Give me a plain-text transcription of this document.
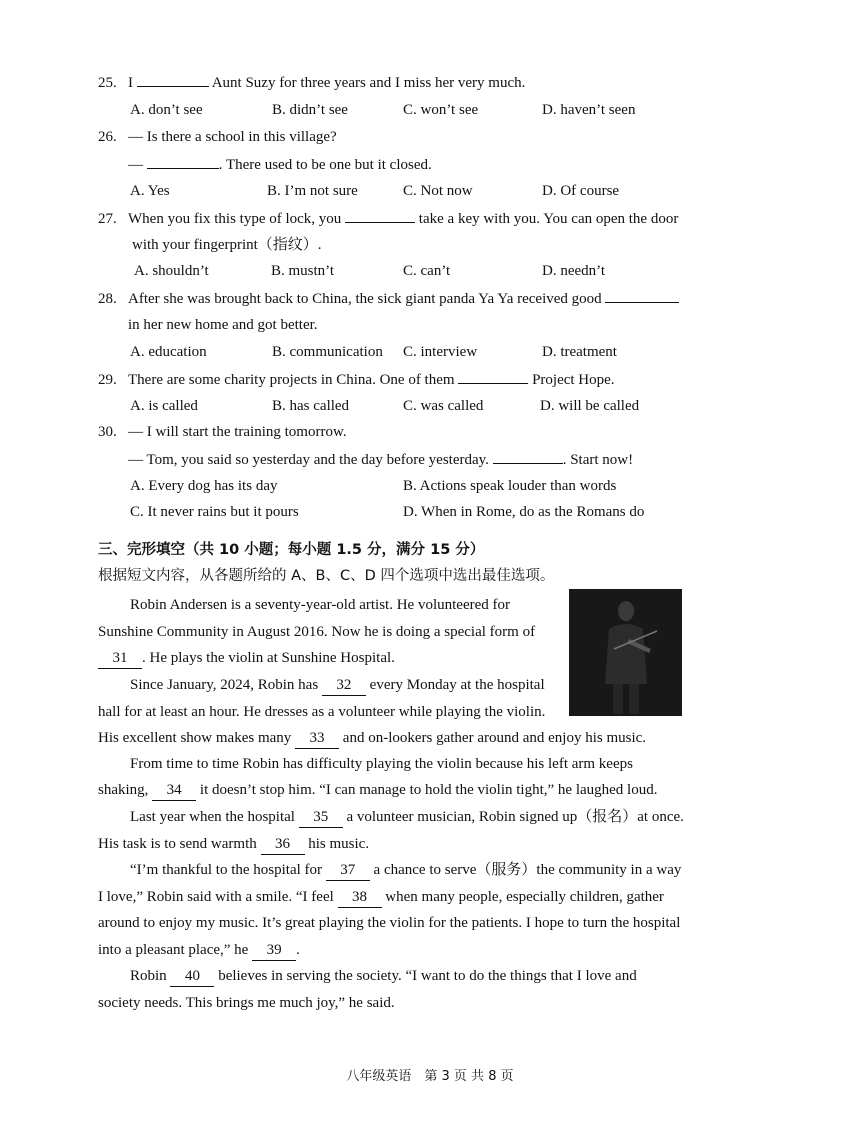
25. I	Aunt Suzy for three years and I miss her very much.
A. don’t see	B. didn’t see	C. won’t see	D. haven’t seen
26. — Is there a school in this village?
—	. There used to be one but it closed.
A. Yes	B. I’m not sure	C. Not now	D. Of course
27. When you fix this type of lock, you	take a key with you. You can open the door
with your fingerprint（指纹）.
A. shouldn’t	B. mustn’t	C. can’t	D. needn’t
28. After she was brought back to China, the sick giant panda Ya Ya received good
in her new home and got better.
A. education	B. communication C. interview	D. treatment
29. There are some charity projects in China. One of them	Project Hope.
A. is called	B. has called	C. was called	D. will be called
30. — I will start the training tomorrow.
— Tom, you said so yesterday and the day before yesterday.	. Start now!
A. Every dog has its day	B. Actions speak louder than words
C. It never rains but it pours	D. When in Rome, do as the Romans do
三、完形填空（共 10 小题；每小题 1.5 分，满分 15 分）
根据短文内容，从各题所给的 A、B、C、D 四个选项中选出最佳选项。
Robin Andersen is a seventy-year-old artist. He volunteered for
Sunshine Community in August 2016. Now he is doing a special form of
31 . He plays the violin at Sunshine Hospital.
Since January, 2024, Robin has 32 every Monday at the hospital
hall for at least an hour. He dresses as a volunteer while playing the violin.
His excellent show makes many 33 and on-lookers gather around and enjoy his music.
From time to time Robin has difficulty playing the violin because his left arm keeps
shaking, 34 it doesn’t stop him. “I can manage to hold the violin tight,” he laughed loud.
Last year when the hospital 35 a volunteer musician, Robin signed up（报名）at once.
His task is to send warmth 36 his music.
“I’m thankful to the hospital for 37 a chance to serve（服务）the community in a way
I love,” Robin said with a smile. “I feel 38 when many people, especially children, gather
around to enjoy my music. It’s great playing the violin for the patients. I hope to turn the hospital
into a pleasant place,” he 39 .
Robin 40 believes in serving the society. “I want to do the things that I love and
society needs. This brings me much joy,” he said.
八年级英语　第 3 页 共 8 页
